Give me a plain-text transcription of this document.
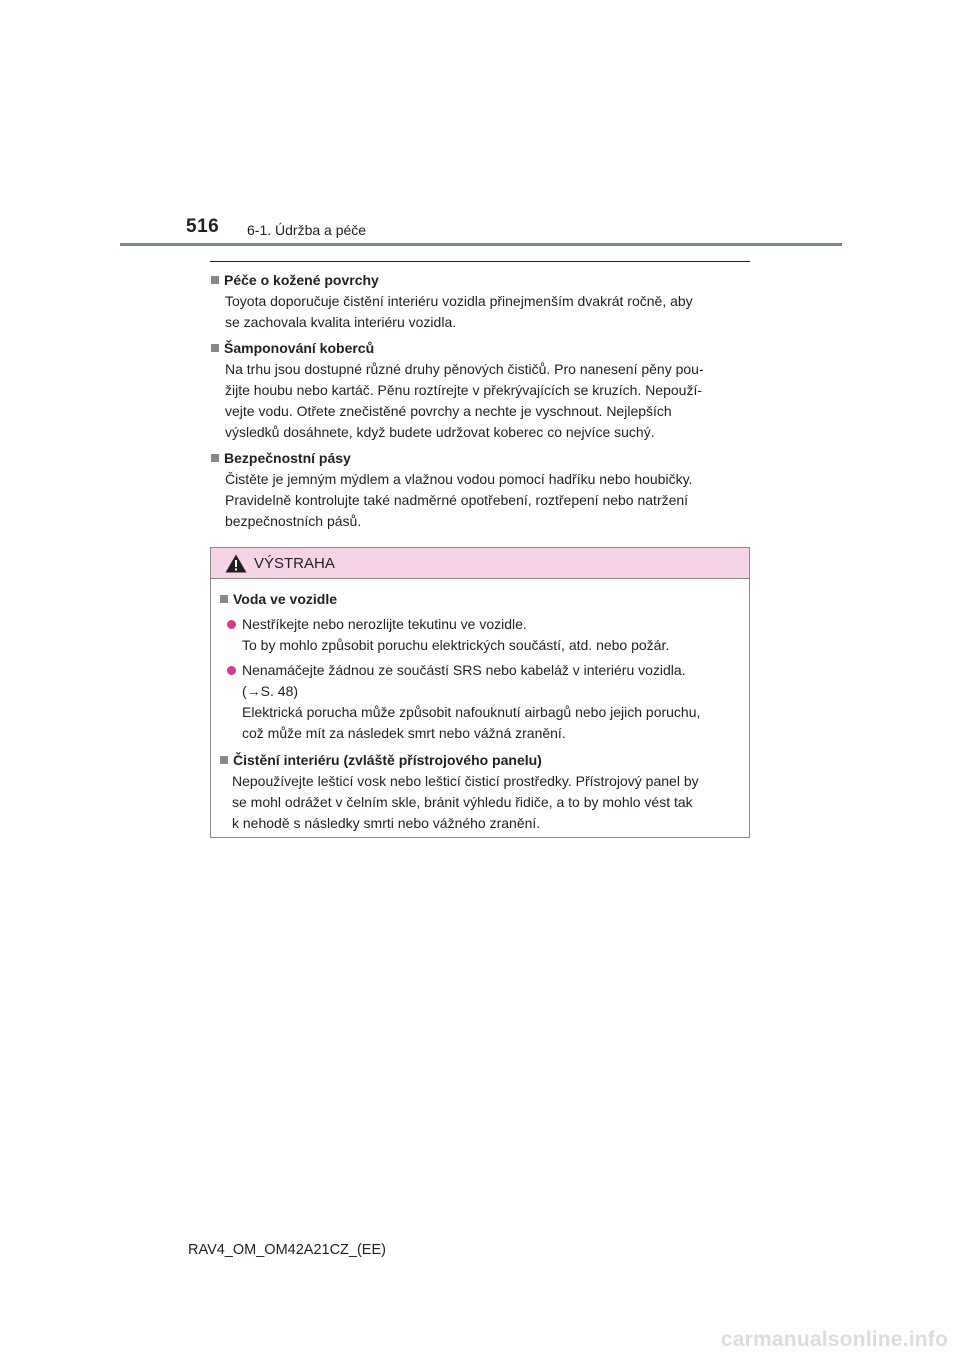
516 6-1. Údržba a péče
Péče o kožené povrchy
Toyota doporučuje čistění interiéru vozidla přinejmenším dvakrát ročně, aby
se zachovala kvalita interiéru vozidla.
Šamponování koberců
Na trhu jsou dostupné různé druhy pěnových čističů. Pro nanesení pěny pou-
žijte houbu nebo kartáč. Pěnu roztírejte v překrývajících se kruzích. Nepouží-
vejte vodu. Otřete znečistěné povrchy a nechte je vyschnout. Nejlepších
výsledků dosáhnete, když budete udržovat koberec co nejvíce suchý.
Bezpečnostní pásy
Čistěte je jemným mýdlem a vlažnou vodou pomocí hadříku nebo houbičky.
Pravidelně kontrolujte také nadměrné opotřebení, roztřepení nebo natržení
bezpečnostních pásů.
VÝSTRAHA
Voda ve vozidle
Nestříkejte nebo nerozlijte tekutinu ve vozidle.
To by mohlo způsobit poruchu elektrických součástí, atd. nebo požár.
Nenamáčejte žádnou ze součástí SRS nebo kabeláž v interiéru vozidla.
(→S. 48)
Elektrická porucha může způsobit nafouknutí airbagů nebo jejich poruchu,
což může mít za následek smrt nebo vážná zranění.
Čistění interiéru (zvláště přístrojového panelu)
Nepoužívejte lešticí vosk nebo lešticí čisticí prostředky. Přístrojový panel by
se mohl odrážet v čelním skle, bránit výhledu řidiče, a to by mohlo vést tak
k nehodě s následky smrti nebo vážného zranění.
RAV4_OM_OM42A21CZ_(EE)
carmanualsonline.info
